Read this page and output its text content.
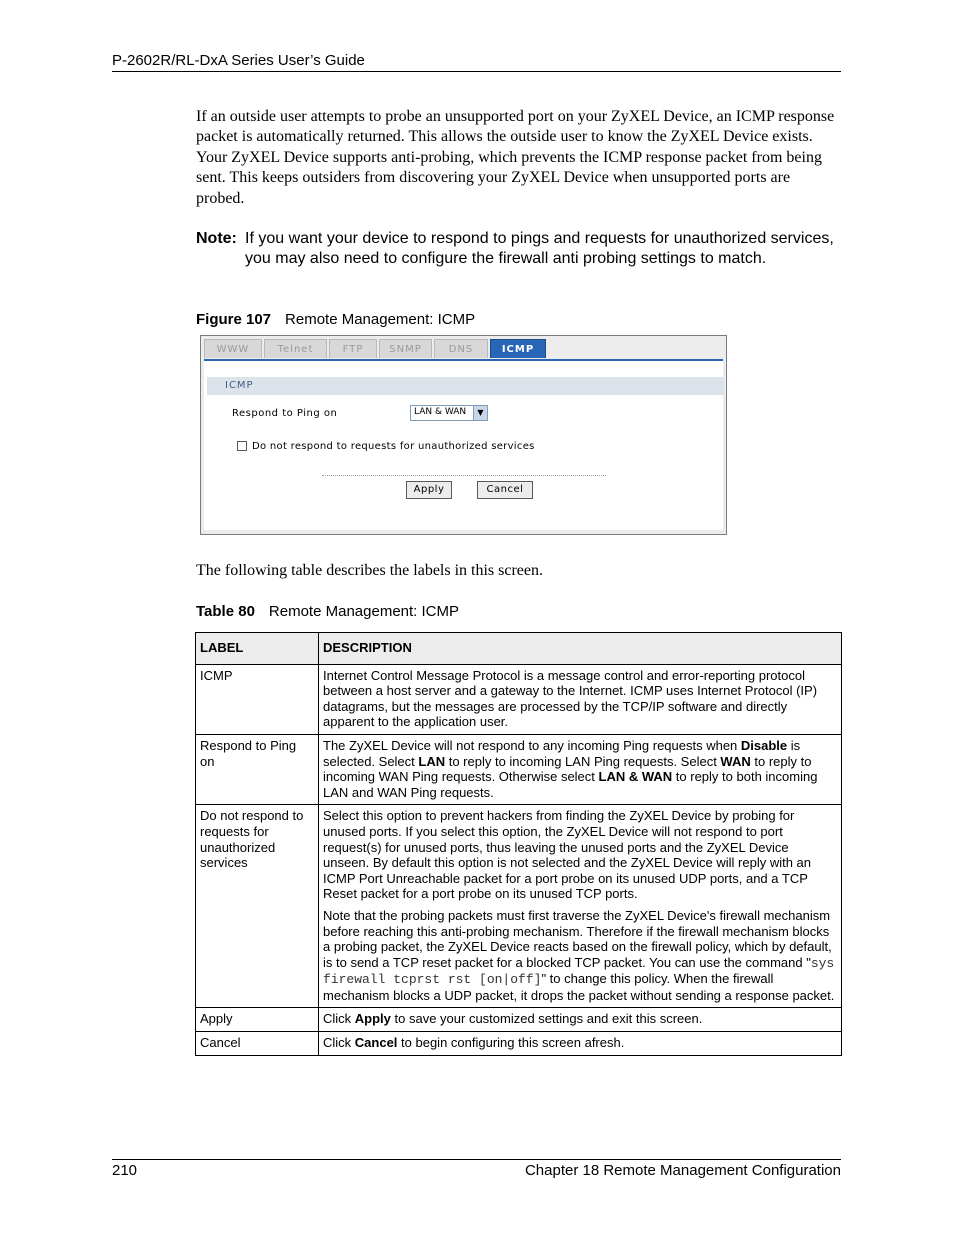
P-2602R/RL-DxA Series User’s Guide
If an outside user attempts to probe an unsupported port on your ZyXEL Device, an ICMP response packet is automatically returned. This allows the outside user to know the ZyXEL Device exists. Your ZyXEL Device supports anti-probing, which prevents the ICMP response packet from being sent. This keeps outsiders from discovering your ZyXEL Device when unsupported ports are probed.
Note: If you want your device to respond to pings and requests for unauthorized services, you may also need to configure the firewall anti probing settings to match.
Figure 107 Remote Management: ICMP
WWW	Telnet	FTP	SNMP	DNS	ICMP
ICMP
Respond to Ping on	LAN & WAN	▼
Do not respond to requests for unauthorized services
Apply	Cancel
The following table describes the labels in this screen.
Table 80 Remote Management: ICMP
LABEL	DESCRIPTION
ICMP	Internet Control Message Protocol is a message control and error-reporting protocol between a host server and a gateway to the Internet. ICMP uses Internet Protocol (IP) datagrams, but the messages are processed by the TCP/IP software and directly apparent to the application user.
Respond to Ping on	The ZyXEL Device will not respond to any incoming Ping requests when Disable is selected. Select LAN to reply to incoming LAN Ping requests. Select WAN to reply to incoming WAN Ping requests. Otherwise select LAN & WAN to reply to both incoming LAN and WAN Ping requests.
Do not respond to requests for unauthorized services	Select this option to prevent hackers from finding the ZyXEL Device by probing for unused ports. If you select this option, the ZyXEL Device will not respond to port request(s) for unused ports, thus leaving the unused ports and the ZyXEL Device unseen. By default this option is not selected and the ZyXEL Device will reply with an ICMP Port Unreachable packet for a port probe on its unused UDP ports, and a TCP Reset packet for a port probe on its unused TCP ports.
Note that the probing packets must first traverse the ZyXEL Device's firewall mechanism before reaching this anti-probing mechanism. Therefore if the firewall mechanism blocks a probing packet, the ZyXEL Device reacts based on the firewall policy, which by default, is to send a TCP reset packet for a blocked TCP packet. You can use the command "sys firewall tcprst rst [on|off]" to change this policy. When the firewall mechanism blocks a UDP packet, it drops the packet without sending a response packet.

Apply	Click Apply to save your customized settings and exit this screen.
Cancel	Click Cancel to begin configuring this screen afresh.
210	Chapter 18 Remote Management Configuration
